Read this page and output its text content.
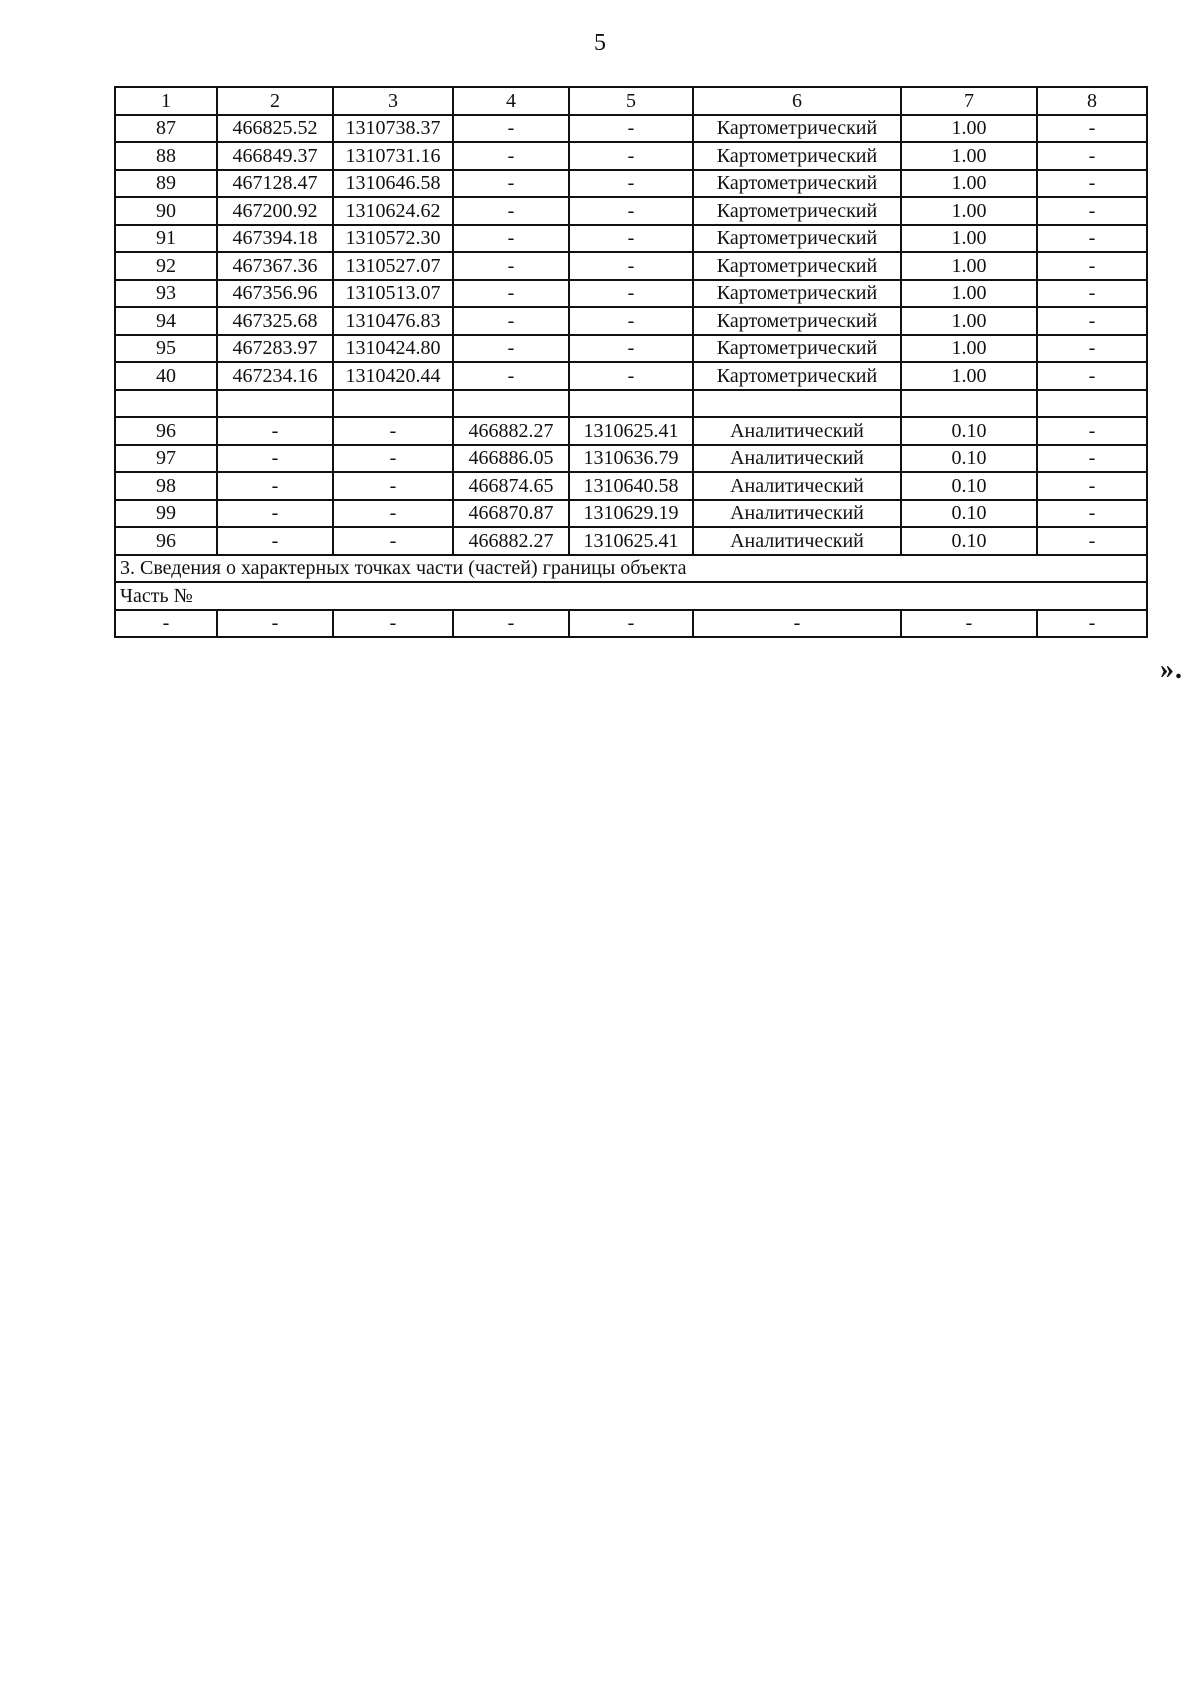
5
1	2	3	4	5	6	7	8
87	466825.52	1310738.37	-	-	Картометрический	1.00	-
88	466849.37	1310731.16	-	-	Картометрический	1.00	-
89	467128.47	1310646.58	-	-	Картометрический	1.00	-
90	467200.92	1310624.62	-	-	Картометрический	1.00	-
91	467394.18	1310572.30	-	-	Картометрический	1.00	-
92	467367.36	1310527.07	-	-	Картометрический	1.00	-
93	467356.96	1310513.07	-	-	Картометрический	1.00	-
94	467325.68	1310476.83	-	-	Картометрический	1.00	-
95	467283.97	1310424.80	-	-	Картометрический	1.00	-
40	467234.16	1310420.44	-	-	Картометрический	1.00	-

96	-	-	466882.27	1310625.41	Аналитический	0.10	-
97	-	-	466886.05	1310636.79	Аналитический	0.10	-
98	-	-	466874.65	1310640.58	Аналитический	0.10	-
99	-	-	466870.87	1310629.19	Аналитический	0.10	-
96	-	-	466882.27	1310625.41	Аналитический	0.10	-
3. Сведения о характерных точках части (частей) границы объекта							
Часть №							
-	-	-	-	-	-	-	-
».
